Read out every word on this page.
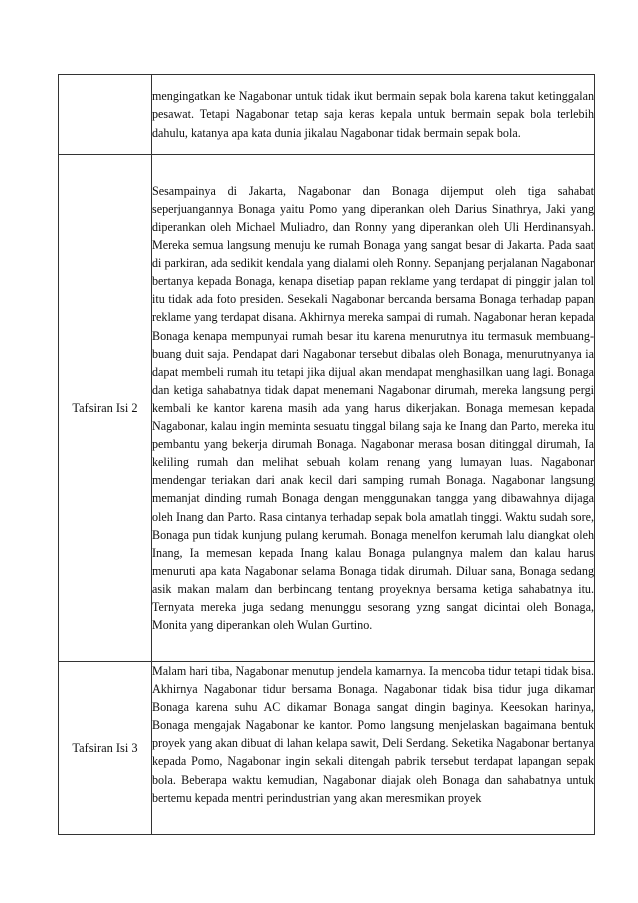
	mengingatkan ke Nagabonar untuk tidak ikut bermain sepak bola karena takut ketinggalan pesawat. Tetapi Nagabonar tetap saja keras kepala untuk bermain sepak bola terlebih dahulu, katanya apa kata dunia jikalau Nagabonar tidak bermain sepak bola.

Tafsiran Isi 2	Sesampainya di Jakarta, Nagabonar dan Bonaga dijemput oleh tiga sahabat seperjuangannya Bonaga yaitu Pomo yang diperankan oleh Darius Sinathrya, Jaki yang diperankan oleh Michael Muliadro, dan Ronny yang diperankan oleh Uli Herdinansyah. Mereka semua langsung menuju ke rumah Bonaga yang sangat besar di Jakarta. Pada saat di parkiran, ada sedikit kendala yang dialami oleh Ronny. Sepanjang perjalanan Nagabonar bertanya kepada Bonaga, kenapa disetiap papan reklame yang terdapat di pinggir jalan tol itu tidak ada foto presiden. Sesekali Nagabonar bercanda bersama Bonaga terhadap papan reklame yang terdapat disana. Akhirnya mereka sampai di rumah. Nagabonar heran kepada Bonaga kenapa mempunyai rumah besar itu karena menurutnya itu termasuk membuang-buang duit saja. Pendapat dari Nagabonar tersebut dibalas oleh Bonaga, menurutnyanya ia dapat membeli rumah itu tetapi jika dijual akan mendapat menghasilkan uang lagi. Bonaga dan ketiga sahabatnya tidak dapat menemani Nagabonar dirumah, mereka langsung pergi kembali ke kantor karena masih ada yang harus dikerjakan. Bonaga memesan kepada Nagabonar, kalau ingin meminta sesuatu tinggal bilang saja ke Inang dan Parto, mereka itu pembantu yang bekerja dirumah Bonaga. Nagabonar merasa bosan ditinggal dirumah, Ia keliling rumah dan melihat sebuah kolam renang yang lumayan luas. Nagabonar mendengar teriakan dari anak kecil dari samping rumah Bonaga. Nagabonar langsung memanjat dinding rumah Bonaga dengan menggunakan tangga yang dibawahnya dijaga oleh Inang dan Parto. Rasa cintanya terhadap sepak bola amatlah tinggi. Waktu sudah sore, Bonaga pun tidak kunjung pulang kerumah. Bonaga menelfon kerumah lalu diangkat oleh Inang, Ia memesan kepada Inang kalau Bonaga pulangnya malem dan kalau harus menuruti apa kata Nagabonar selama Bonaga tidak dirumah. Diluar sana, Bonaga sedang asik makan malam dan berbincang tentang proyeknya bersama ketiga sahabatnya itu. Ternyata mereka juga sedang menunggu sesorang yzng sangat dicintai oleh Bonaga, Monita yang diperankan oleh Wulan Gurtino.

Tafsiran Isi 3	Malam hari tiba, Nagabonar menutup jendela kamarnya. Ia mencoba tidur tetapi tidak bisa. Akhirnya Nagabonar tidur bersama Bonaga. Nagabonar tidak bisa tidur juga dikamar Bonaga karena suhu AC dikamar Bonaga sangat dingin baginya. Keesokan harinya, Bonaga mengajak Nagabonar ke kantor. Pomo langsung menjelaskan bagaimana bentuk proyek yang akan dibuat di lahan kelapa sawit, Deli Serdang. Seketika Nagabonar bertanya kepada Pomo, Nagabonar ingin sekali ditengah pabrik tersebut terdapat lapangan sepak bola. Beberapa waktu kemudian, Nagabonar diajak oleh Bonaga dan sahabatnya untuk bertemu kepada mentri perindustrian yang akan meresmikan proyek
